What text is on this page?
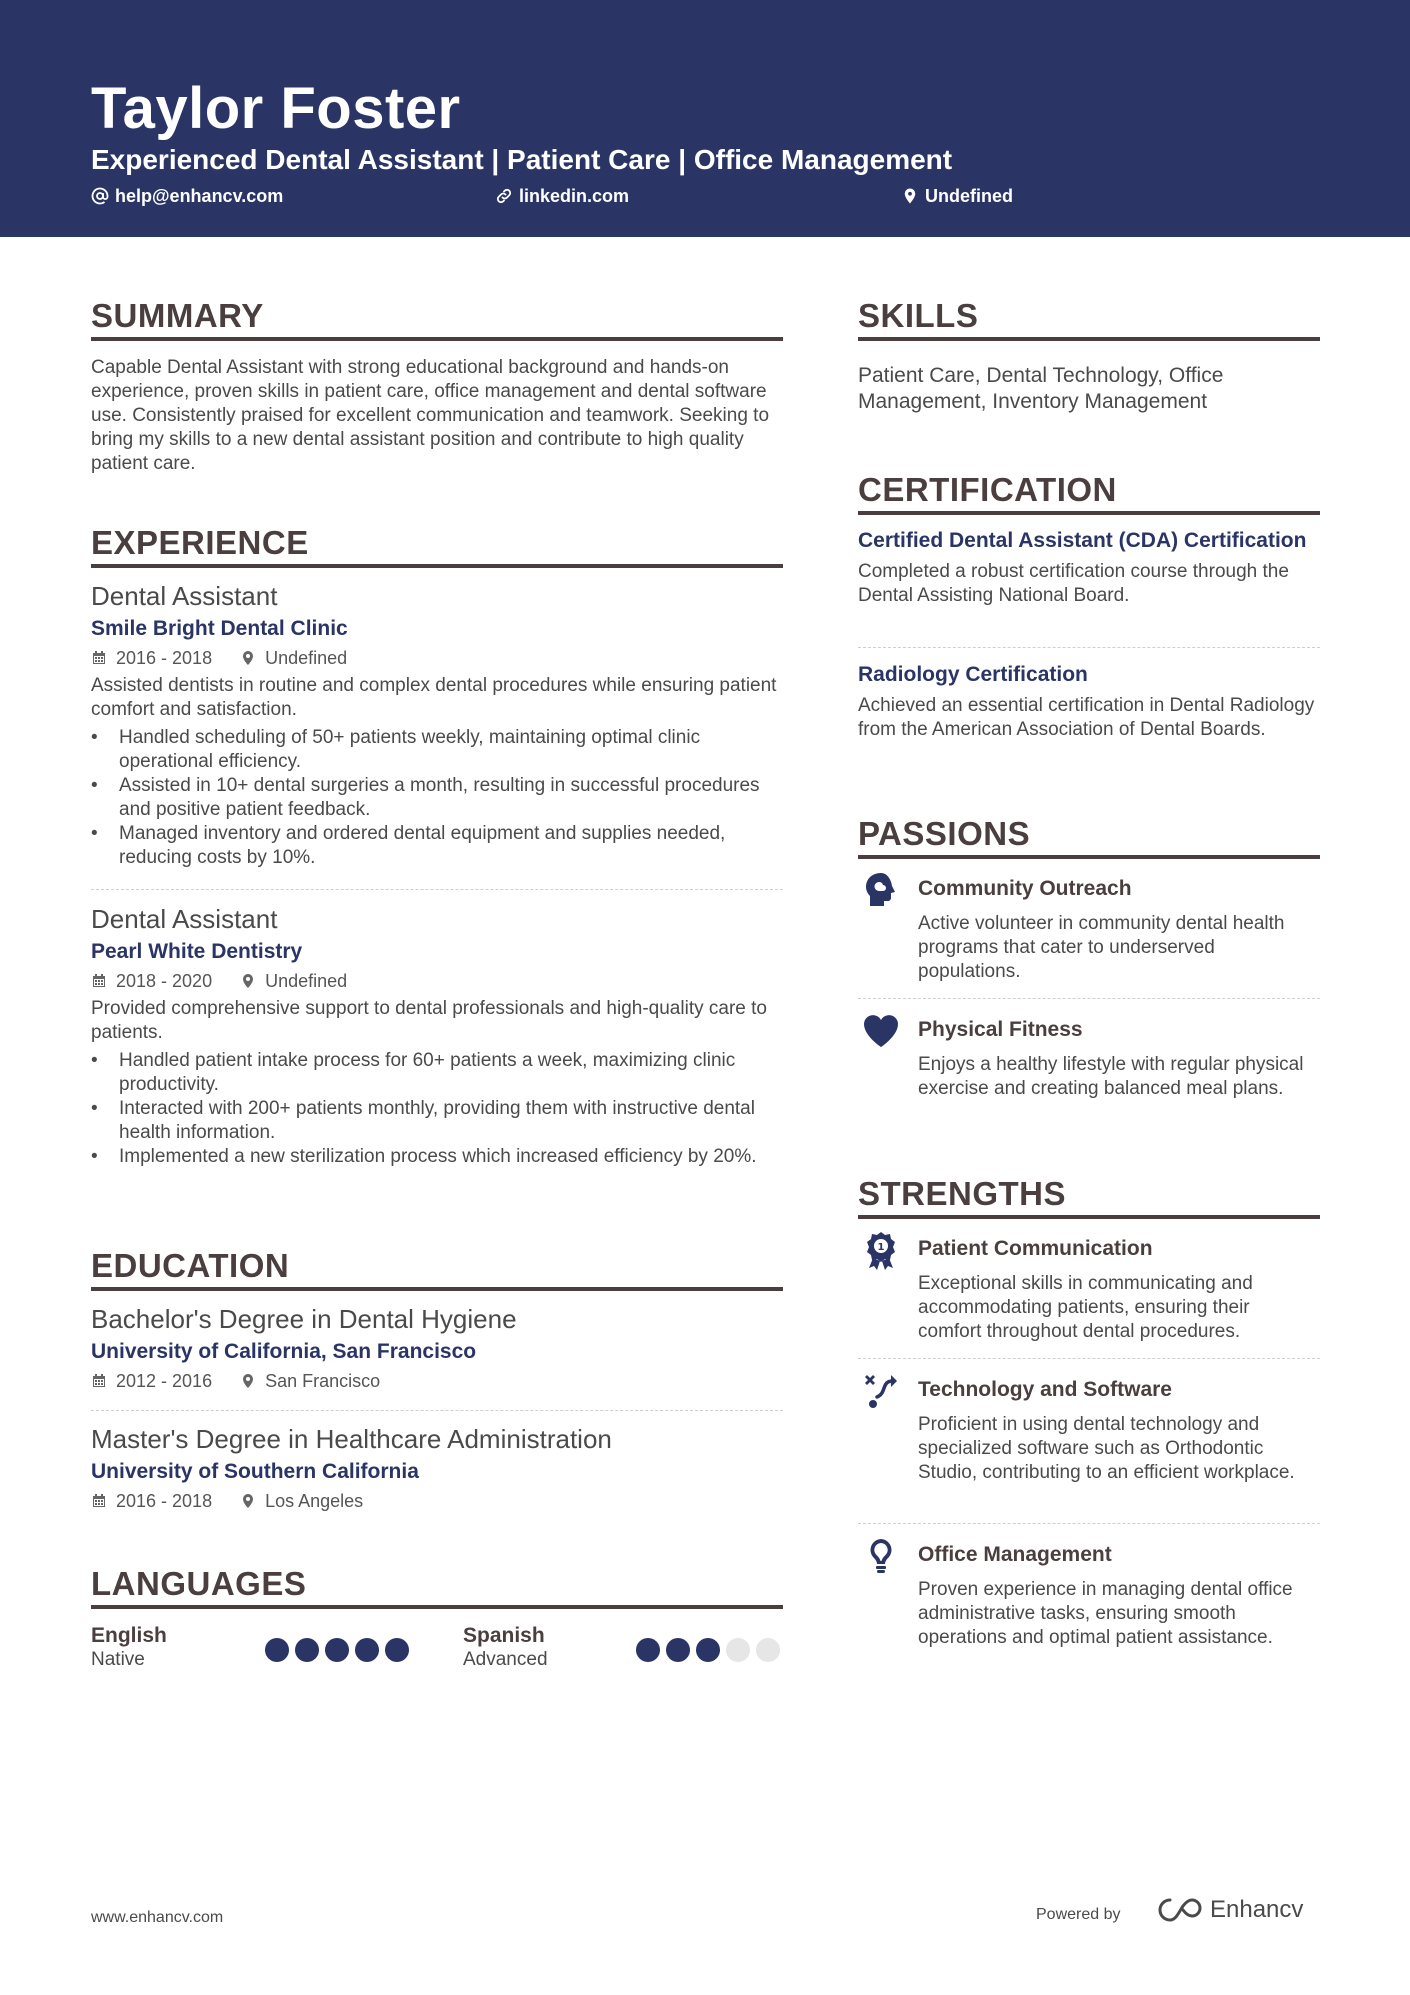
Taylor Foster
Experienced Dental Assistant | Patient Care | Office Management
help@enhancv.com	linkedin.com	Undefined
SUMMARY
Capable Dental Assistant with strong educational background and hands-on experience, proven skills in patient care, office management and dental software use. Consistently praised for excellent communication and teamwork. Seeking to bring my skills to a new dental assistant position and contribute to high quality patient care.
EXPERIENCE
Dental Assistant
Smile Bright Dental Clinic
2016 - 2018	Undefined
Assisted dentists in routine and complex dental procedures while ensuring patient comfort and satisfaction.
• Handled scheduling of 50+ patients weekly, maintaining optimal clinic operational efficiency.
• Assisted in 10+ dental surgeries a month, resulting in successful procedures and positive patient feedback.
• Managed inventory and ordered dental equipment and supplies needed, reducing costs by 10%.
Dental Assistant
Pearl White Dentistry
2018 - 2020	Undefined
Provided comprehensive support to dental professionals and high-quality care to patients.
• Handled patient intake process for 60+ patients a week, maximizing clinic productivity.
• Interacted with 200+ patients monthly, providing them with instructive dental health information.
• Implemented a new sterilization process which increased efficiency by 20%.
EDUCATION
Bachelor's Degree in Dental Hygiene
University of California, San Francisco
2012 - 2016	San Francisco
Master's Degree in Healthcare Administration
University of Southern California
2016 - 2018	Los Angeles
LANGUAGES
English
Native
Spanish
Advanced
SKILLS
Patient Care, Dental Technology, Office Management, Inventory Management
CERTIFICATION
Certified Dental Assistant (CDA) Certification
Completed a robust certification course through the Dental Assisting National Board.
Radiology Certification
Achieved an essential certification in Dental Radiology from the American Association of Dental Boards.
PASSIONS
Community Outreach
Active volunteer in community dental health programs that cater to underserved populations.
Physical Fitness
Enjoys a healthy lifestyle with regular physical exercise and creating balanced meal plans.
STRENGTHS
1 Patient Communication
Exceptional skills in communicating and accommodating patients, ensuring their comfort throughout dental procedures.
Technology and Software
Proficient in using dental technology and specialized software such as Orthodontic Studio, contributing to an efficient workplace.
Office Management
Proven experience in managing dental office administrative tasks, ensuring smooth operations and optimal patient assistance.
www.enhancv.com	Powered by	Enhancv
